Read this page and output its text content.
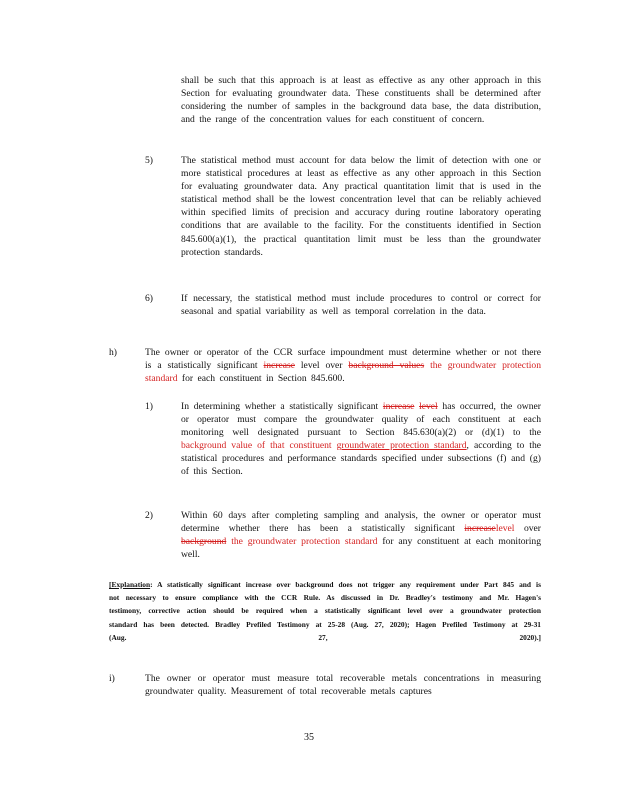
shall be such that this approach is at least as effective as any other approach in this Section for evaluating groundwater data. These constituents shall be determined after considering the number of samples in the background data base, the data distribution, and the range of the concentration values for each constituent of concern.
5)	The statistical method must account for data below the limit of detection with one or more statistical procedures at least as effective as any other approach in this Section for evaluating groundwater data. Any practical quantitation limit that is used in the statistical method shall be the lowest concentration level that can be reliably achieved within specified limits of precision and accuracy during routine laboratory operating conditions that are available to the facility. For the constituents identified in Section 845.600(a)(1), the practical quantitation limit must be less than the groundwater protection standards.
6)	If necessary, the statistical method must include procedures to control or correct for seasonal and spatial variability as well as temporal correlation in the data.
h)	The owner or operator of the CCR surface impoundment must determine whether or not there is a statistically significant increase level over background values the groundwater protection standard for each constituent in Section 845.600.
1)	In determining whether a statistically significant increase level has occurred, the owner or operator must compare the groundwater quality of each constituent at each monitoring well designated pursuant to Section 845.630(a)(2) or (d)(1) to the background value of that constituent groundwater protection standard, according to the statistical procedures and performance standards specified under subsections (f) and (g) of this Section.
2)	Within 60 days after completing sampling and analysis, the owner or operator must determine whether there has been a statistically significant increaselevel over background the groundwater protection standard for any constituent at each monitoring well.
[Explanation: A statistically significant increase over background does not trigger any requirement under Part 845 and is not necessary to ensure compliance with the CCR Rule. As discussed in Dr. Bradley's testimony and Mr. Hagen's testimony, corrective action should be required when a statistically significant level over a groundwater protection standard has been detected. Bradley Prefiled Testimony at 25-28 (Aug. 27, 2020); Hagen Prefiled Testimony at 29-31 (Aug. 27, 2020).]
i)	The owner or operator must measure total recoverable metals concentrations in measuring groundwater quality. Measurement of total recoverable metals captures
35
